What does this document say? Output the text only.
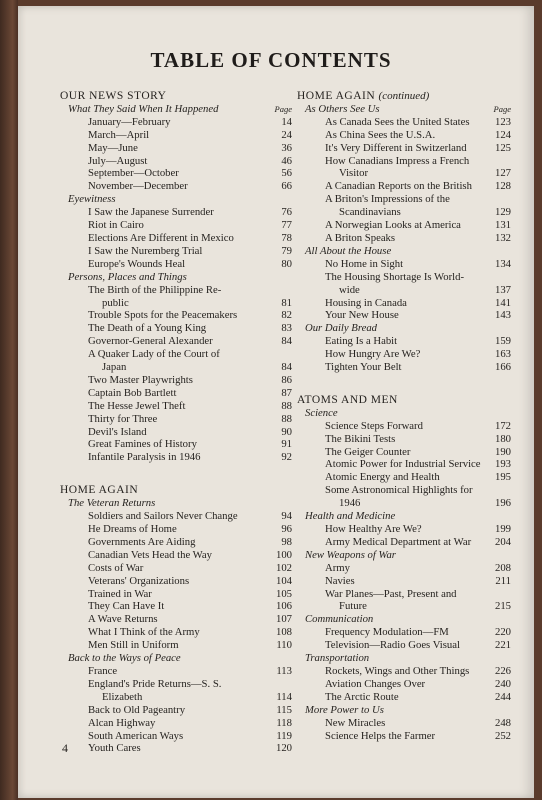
TABLE OF CONTENTS
OUR NEWS STORY
What They Said When It Happened	Page
January—February	14
March—April	24
May—June	36
July—August	46
September—October	56
November—December	66
Eyewitness
I Saw the Japanese Surrender	76
Riot in Cairo	77
Elections Are Different in Mexico	78
I Saw the Nuremberg Trial	79
Europe's Wounds Heal	80
Persons, Places and Things
The Birth of the Philippine Re-
public	81
Trouble Spots for the Peacemakers	82
The Death of a Young King	83
Governor-General Alexander	84
A Quaker Lady of the Court of
Japan	84
Two Master Playwrights	86
Captain Bob Bartlett	87
The Hesse Jewel Theft	88
Thirty for Three	88
Devil's Island	90
Great Famines of History	91
Infantile Paralysis in 1946	92
HOME AGAIN
The Veteran Returns
Soldiers and Sailors Never Change	94
He Dreams of Home	96
Governments Are Aiding	98
Canadian Vets Head the Way	100
Costs of War	102
Veterans' Organizations	104
Trained in War	105
They Can Have It	106
A Wave Returns	107
What I Think of the Army	108
Men Still in Uniform	110
Back to the Ways of Peace
France	113
England's Pride Returns—S. S.
Elizabeth	114
Back to Old Pageantry	115
Alcan Highway	118
South American Ways	119
Youth Cares	120
HOME AGAIN (continued)
As Others See Us	Page
As Canada Sees the United States	123
As China Sees the U.S.A.	124
It's Very Different in Switzerland	125
How Canadians Impress a French
Visitor	127
A Canadian Reports on the British	128
A Briton's Impressions of the
Scandinavians	129
A Norwegian Looks at America	131
A Briton Speaks	132
All About the House
No Home in Sight	134
The Housing Shortage Is World-
wide	137
Housing in Canada	141
Your New House	143
Our Daily Bread
Eating Is a Habit	159
How Hungry Are We?	163
Tighten Your Belt	166
ATOMS AND MEN
Science
Science Steps Forward	172
The Bikini Tests	180
The Geiger Counter	190
Atomic Power for Industrial Service	193
Atomic Energy and Health	195
Some Astronomical Highlights for
1946	196
Health and Medicine
How Healthy Are We?	199
Army Medical Department at War	204
New Weapons of War
Army	208
Navies	211
War Planes—Past, Present and
Future	215
Communication
Frequency Modulation—FM	220
Television—Radio Goes Visual	221
Transportation
Rockets, Wings and Other Things	226
Aviation Changes Over	240
The Arctic Route	244
More Power to Us
New Miracles	248
Science Helps the Farmer	252
4
